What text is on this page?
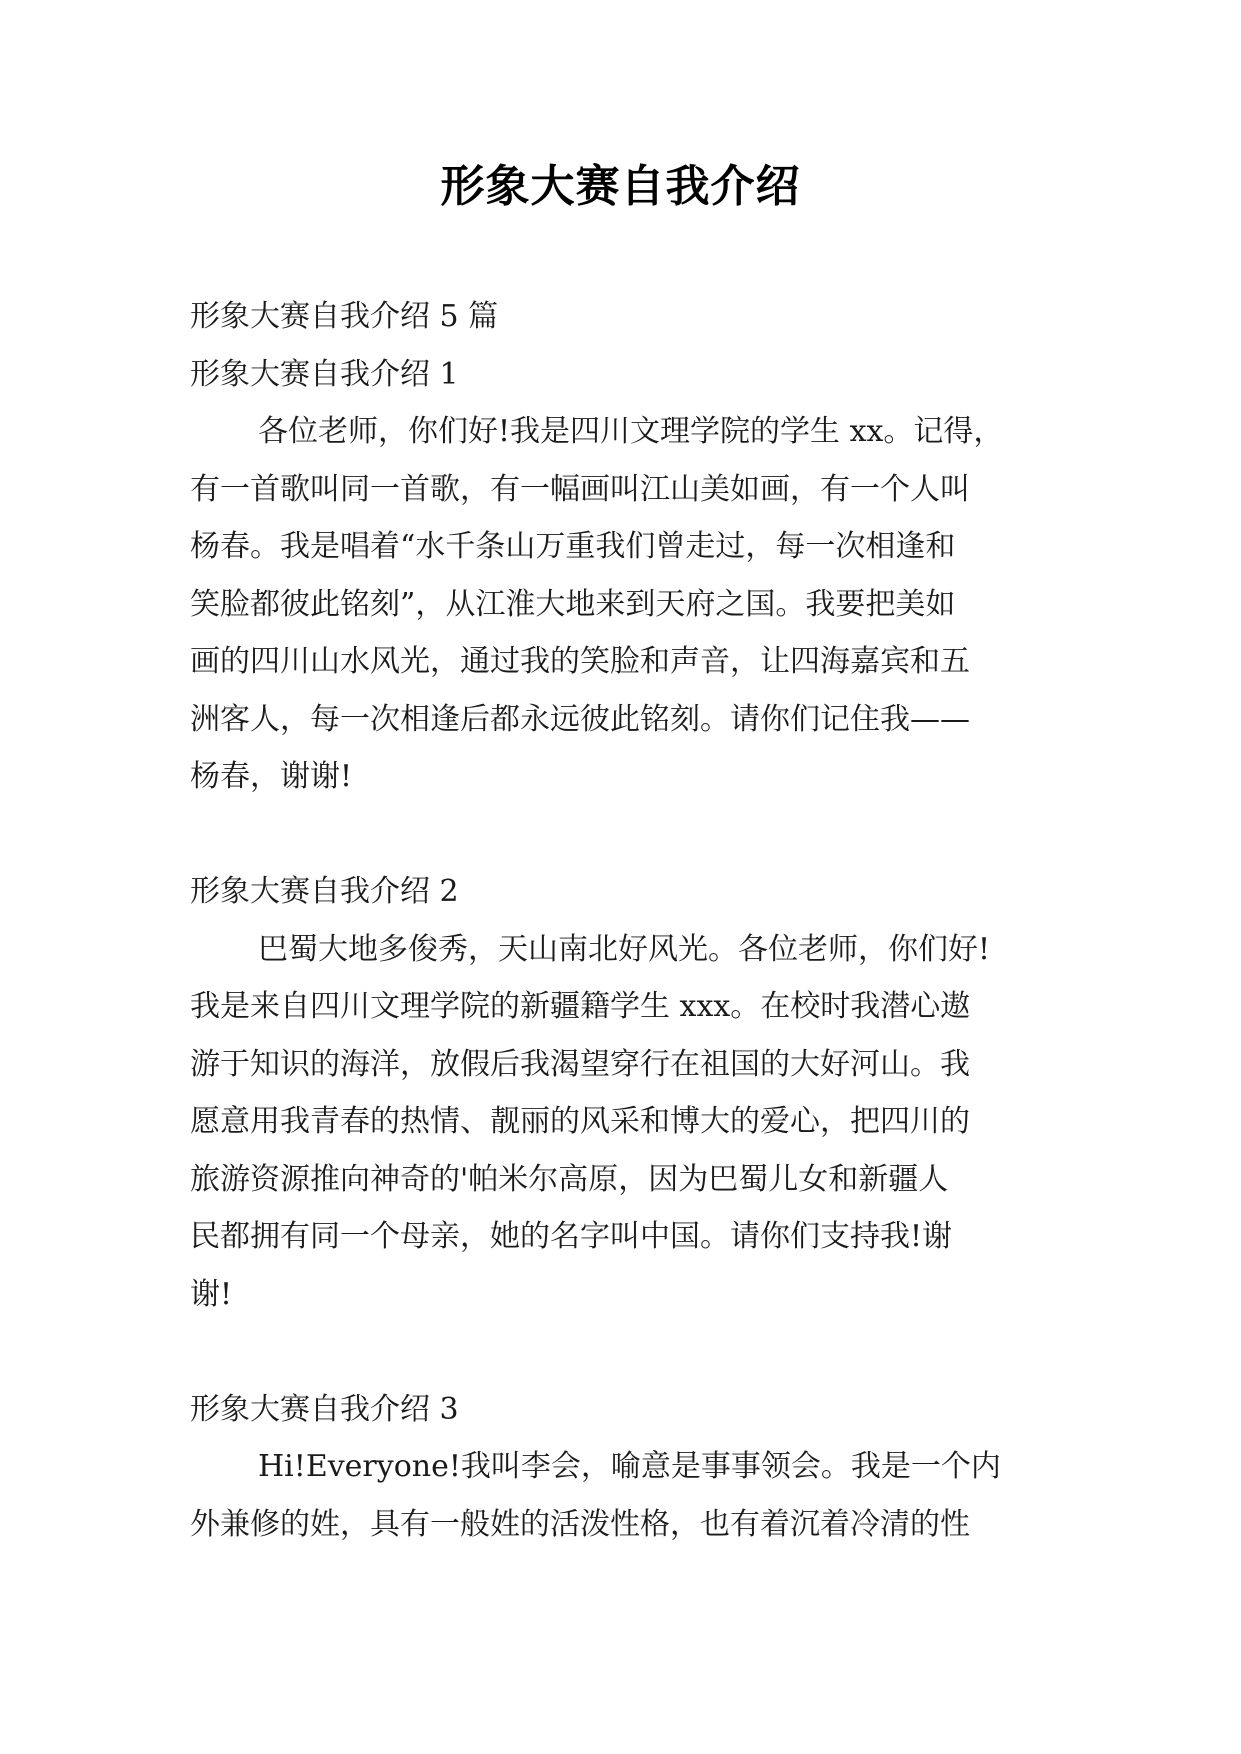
形象大赛自我介绍
形象大赛自我介绍 5 篇
形象大赛自我介绍 1
各位老师，你们好!我是四川文理学院的学生 xx。记得，
有一首歌叫同一首歌，有一幅画叫江山美如画，有一个人叫
杨春。我是唱着“水千条山万重我们曾走过，每一次相逢和
笑脸都彼此铭刻”，从江淮大地来到天府之国。我要把美如
画的四川山水风光，通过我的笑脸和声音，让四海嘉宾和五
洲客人，每一次相逢后都永远彼此铭刻。请你们记住我——
杨春，谢谢!
形象大赛自我介绍 2
巴蜀大地多俊秀，天山南北好风光。各位老师，你们好!
我是来自四川文理学院的新疆籍学生 xxx。在校时我潜心遨
游于知识的海洋，放假后我渴望穿行在祖国的大好河山。我
愿意用我青春的热情、靓丽的风采和博大的爱心，把四川的
旅游资源推向神奇的'帕米尔高原，因为巴蜀儿女和新疆人
民都拥有同一个母亲，她的名字叫中国。请你们支持我!谢
谢!
形象大赛自我介绍 3
Hi!Everyone!我叫李会，喻意是事事领会。我是一个内
外兼修的姓，具有一般姓的活泼性格，也有着沉着冷清的性
